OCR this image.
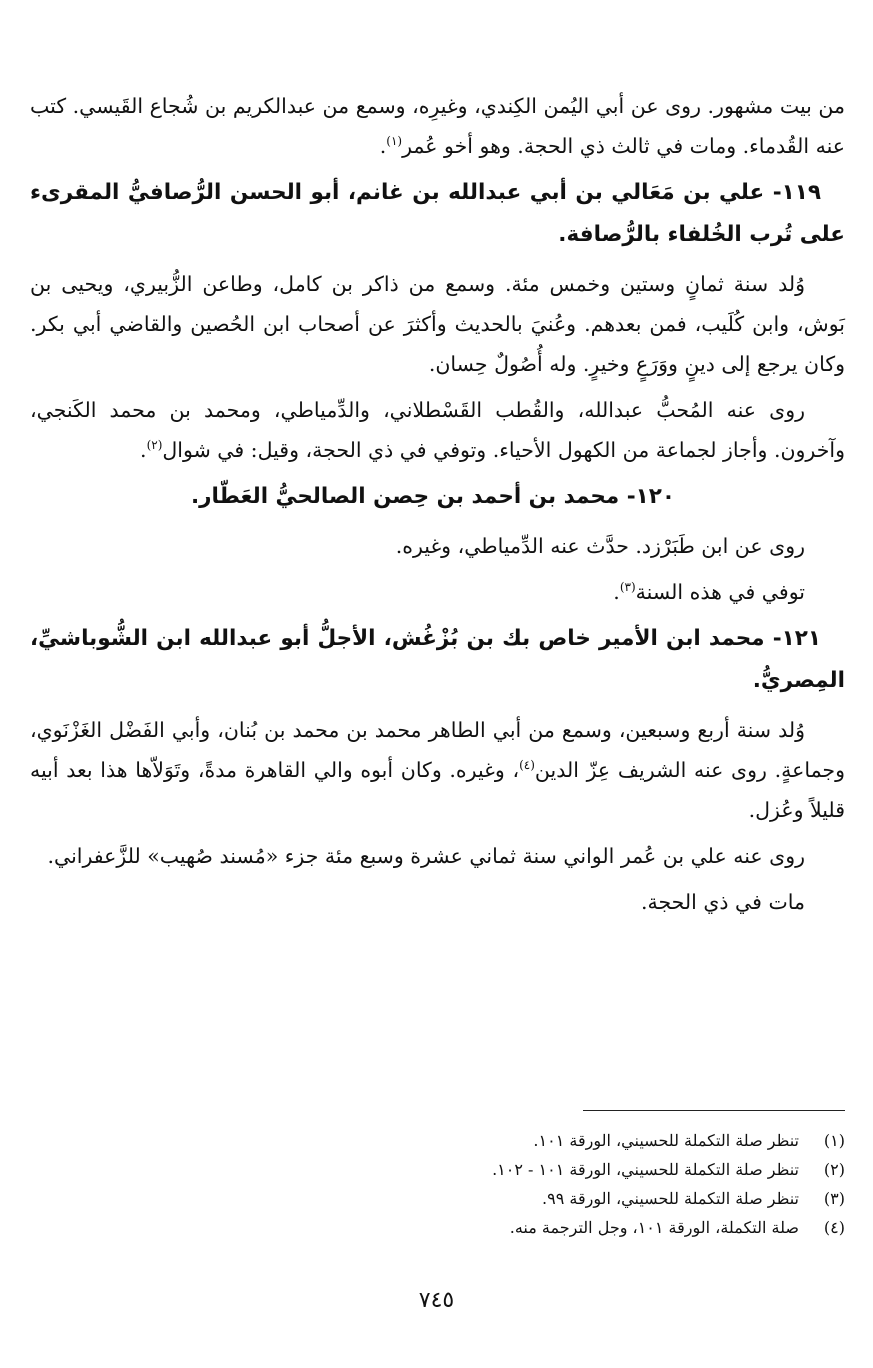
من بيت مشهور. روى عن أبي اليُمن الكِندي، وغيرِه، وسمع من عبدالكريم بن شُجاع القَيسي. كتب عنه القُدماء. ومات في ثالث ذي الحجة. وهو أخو عُمر$^{(١)}$.

١١٩- علي بن مَعَالي بن أبي عبدالله بن غانم، أبو الحسن الرُّصافيُّ المقرىء على تُرب الخُلفاء بالرُّصافة.

وُلد سنة ثمانٍ وستين وخمس مئة. وسمع من ذاكر بن كامل، وطاعن الزُّبيري، ويحيى بن بَوش، وابن كُلَيب، فمن بعدهم. وعُنيَ بالحديث وأكثرَ عن أصحاب ابن الحُصين والقاضي أبي بكر. وكان يرجع إلى دينٍ ووَرَعٍ وخيرٍ. وله أُصُولٌ حِسان.

روى عنه المُحبُّ عبدالله، والقُطب القَسْطلاني، والدِّمياطي، ومحمد بن محمد الكَنجي، وآخرون. وأجاز لجماعة من الكهول الأحياء. وتوفي في ذي الحجة، وقيل: في شوال$^{(٢)}$.

١٢٠- محمد بن أحمد بن حِصن الصالحيُّ العَطّار.

روى عن ابن طَبَرْزد. حدَّث عنه الدِّمياطي، وغيره.

توفي في هذه السنة$^{(٣)}$.

١٢١- محمد ابن الأمير خاص بك بن بُزْغُش، الأجلُّ أبو عبدالله ابن الشُّوباشيِّ، المِصريُّ.

وُلد سنة أربع وسبعين، وسمع من أبي الطاهر محمد بن محمد بن بُنان، وأبي الفَضْل الغَزْنَوي، وجماعةٍ. روى عنه الشريف عِزّ الدين$^{(٤)}$، وغيره. وكان أبوه والي القاهرة مدةً، وتَوَلاّها هذا بعد أبيه قليلاً وعُزل.

روى عنه علي بن عُمر الواني سنة ثماني عشرة وسبع مئة جزء «مُسند صُهيب» للزَّعفراني.

مات في ذي الحجة.

(١)
تنظر صلة التكملة للحسيني، الورقة ١٠١.
(٢)
تنظر صلة التكملة للحسيني، الورقة ١٠١ - ١٠٢.
(٣)
تنظر صلة التكملة للحسيني، الورقة ٩٩.
(٤)
صلة التكملة، الورقة ١٠١، وجل الترجمة منه.
٧٤٥
